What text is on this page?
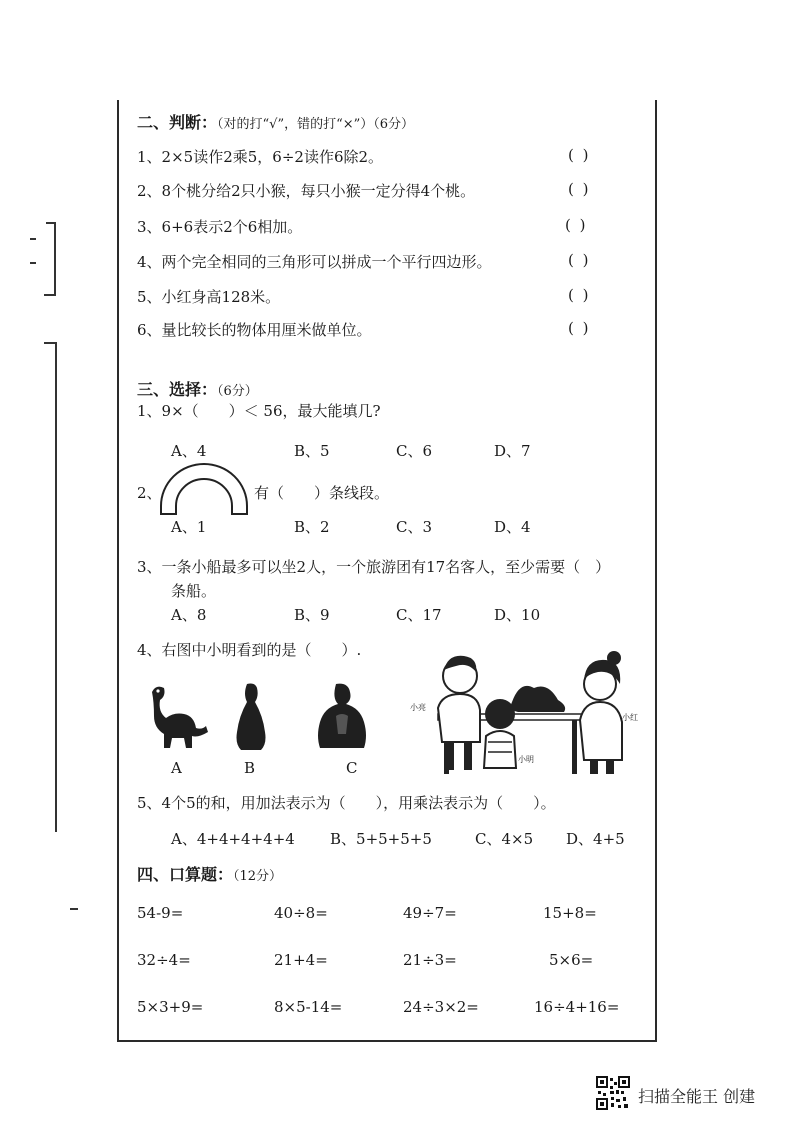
二、判断：（对的打“√”，错的打“×”）（6分）
1、2×5读作2乘5，6÷2读作6除2。	( )
2、8个桃分给2只小猴，每只小猴一定分得4个桃。	( )
3、6+6表示2个6相加。	( )
4、两个完全相同的三角形可以拼成一个平行四边形。	( )
5、小红身高128米。	( )
6、量比较长的物体用厘米做单位。	( )
三、选择：（6分）
1、9×（　　）＜ 56，最大能填几?
A、4	B、5	C、6	D、7
2、	有（　　）条线段。
A、1	B、2	C、3	D、4
3、一条小船最多可以坐2人，一个旅游团有17名客人，至少需要（　）
条船。
A、8	B、9	C、17	D、10
4、右图中小明看到的是（　　）.
A	B	C
小亮
小明
小红
5、4个5的和，用加法表示为（　　），用乘法表示为（　　）。
A、4+4+4+4+4 B、5+5+5+5	C、4×5 D、4+5
四、口算题：（12分）
54-9=	40÷8=	49÷7=	15+8=
32÷4=	21+4=	21÷3=	5×6=
5×3+9=	8×5-14=	24÷3×2=	16÷4+16=
扫描全能王 创建
